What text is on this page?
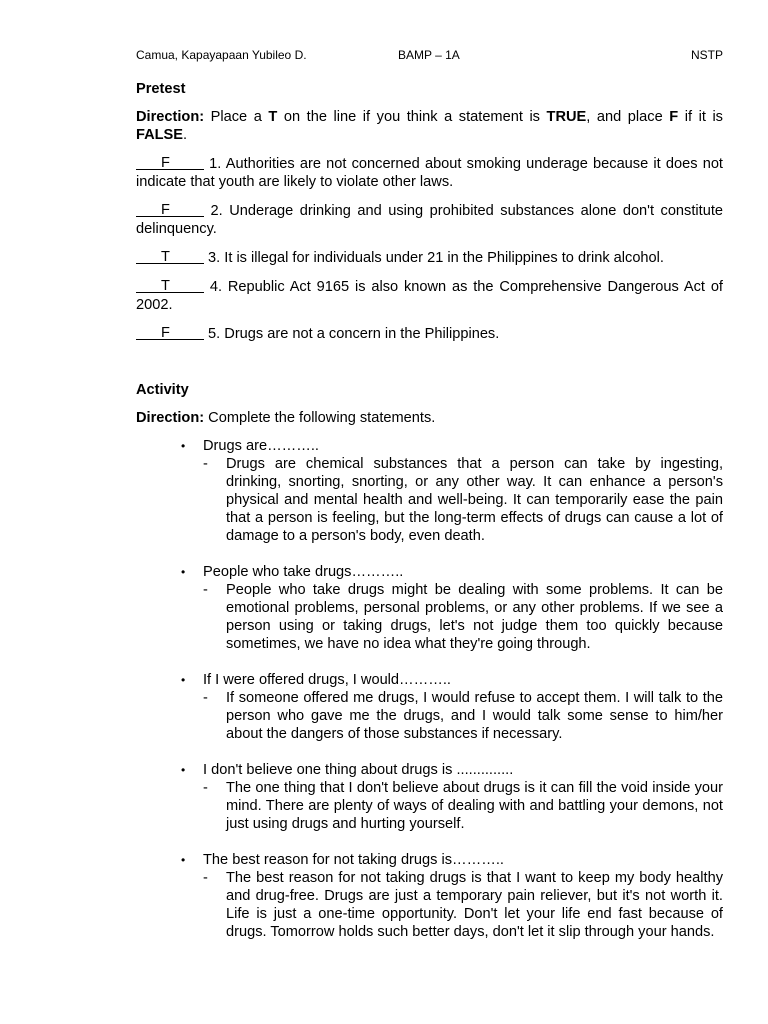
Camua, Kapayapaan Yubileo D.	BAMP – 1A	NSTP

Pretest

Direction: Place a T on the line if you think a statement is TRUE, and place F if it is FALSE.

F 1. Authorities are not concerned about smoking underage because it does not indicate that youth are likely to violate other laws.

F 2. Underage drinking and using prohibited substances alone don't constitute delinquency.

T 3. It is illegal for individuals under 21 in the Philippines to drink alcohol.

T 4. Republic Act 9165 is also known as the Comprehensive Dangerous Act of 2002.

F 5. Drugs are not a concern in the Philippines.

Activity

Direction: Complete the following statements.

• Drugs are………..
- Drugs are chemical substances that a person can take by ingesting, drinking, snorting, snorting, or any other way. It can enhance a person's physical and mental health and well-being. It can temporarily ease the pain that a person is feeling, but the long-term effects of drugs can cause a lot of damage to a person's body, even death.
• People who take drugs………..
- People who take drugs might be dealing with some problems. It can be emotional problems, personal problems, or any other problems. If we see a person using or taking drugs, let's not judge them too quickly because sometimes, we have no idea what they're going through.
• If I were offered drugs, I would………..
- If someone offered me drugs, I would refuse to accept them. I will talk to the person who gave me the drugs, and I would talk some sense to him/her about the dangers of those substances if necessary.
• I don't believe one thing about drugs is ..............
- The one thing that I don't believe about drugs is it can fill the void inside your mind. There are plenty of ways of dealing with and battling your demons, not just using drugs and hurting yourself.
• The best reason for not taking drugs is………..
- The best reason for not taking drugs is that I want to keep my body healthy and drug-free. Drugs are just a temporary pain reliever, but it's not worth it. Life is just a one-time opportunity. Don't let your life end fast because of drugs. Tomorrow holds such better days, don't let it slip through your hands.
